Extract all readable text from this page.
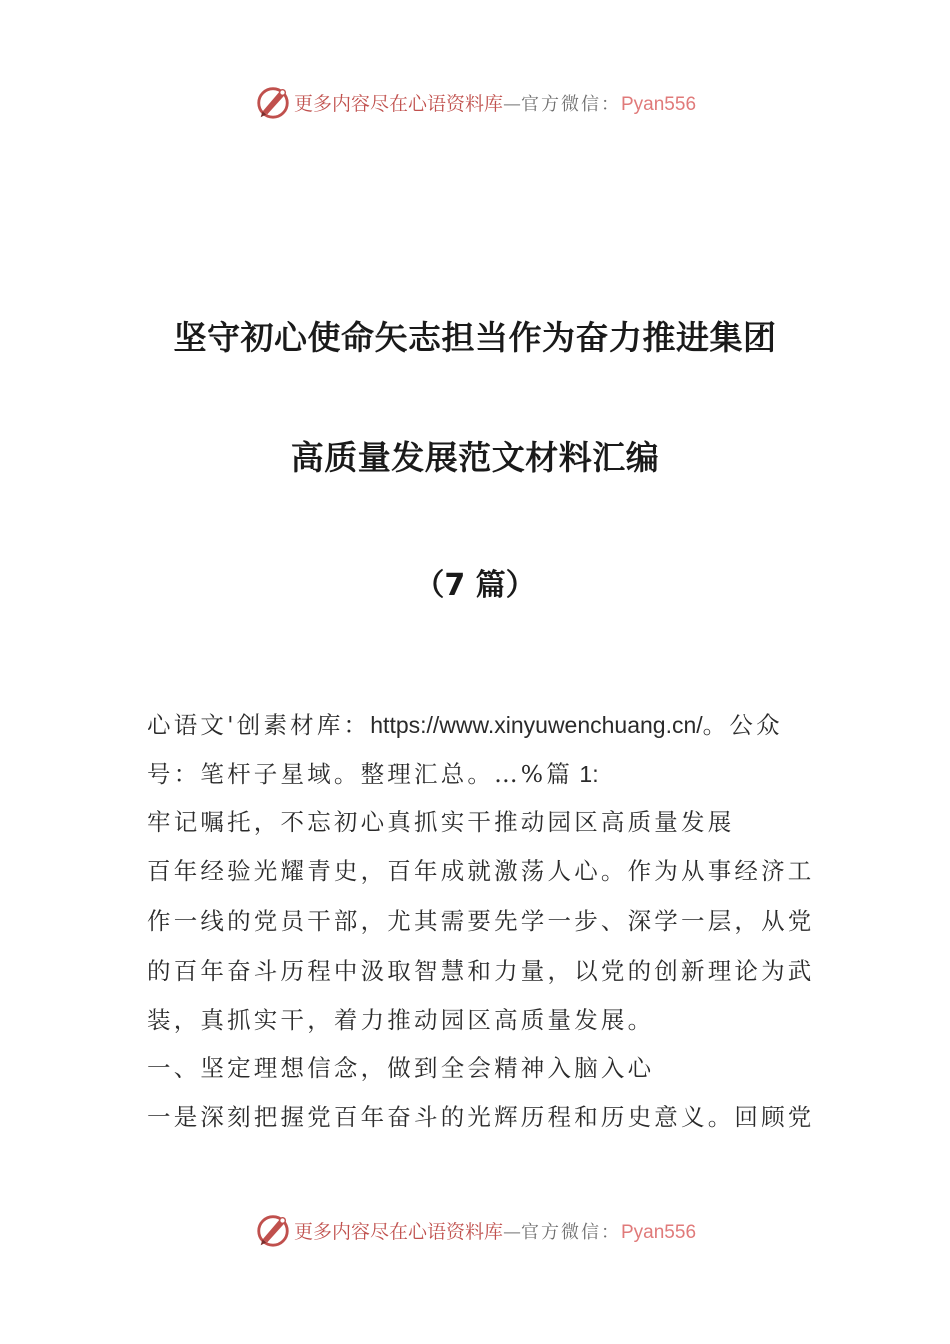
更多内容尽在心语资料库—官方微信：Pyan556
坚守初心使命矢志担当作为奋力推进集团
高质量发展范文材料汇编
（7 篇）
心语文'创素材库：https://www.xinyuwenchuang.cn/。公众
号：笔杆子星域。整理汇总。…%篇 1:
牢记嘱托，不忘初心真抓实干推动园区高质量发展
百年经验光耀青史，百年成就激荡人心。作为从事经济工
作一线的党员干部，尤其需要先学一步、深学一层，从党
的百年奋斗历程中汲取智慧和力量，以党的创新理论为武
装，真抓实干，着力推动园区高质量发展。
一、坚定理想信念，做到全会精神入脑入心
一是深刻把握党百年奋斗的光辉历程和历史意义。回顾党
更多内容尽在心语资料库—官方微信：Pyan556
